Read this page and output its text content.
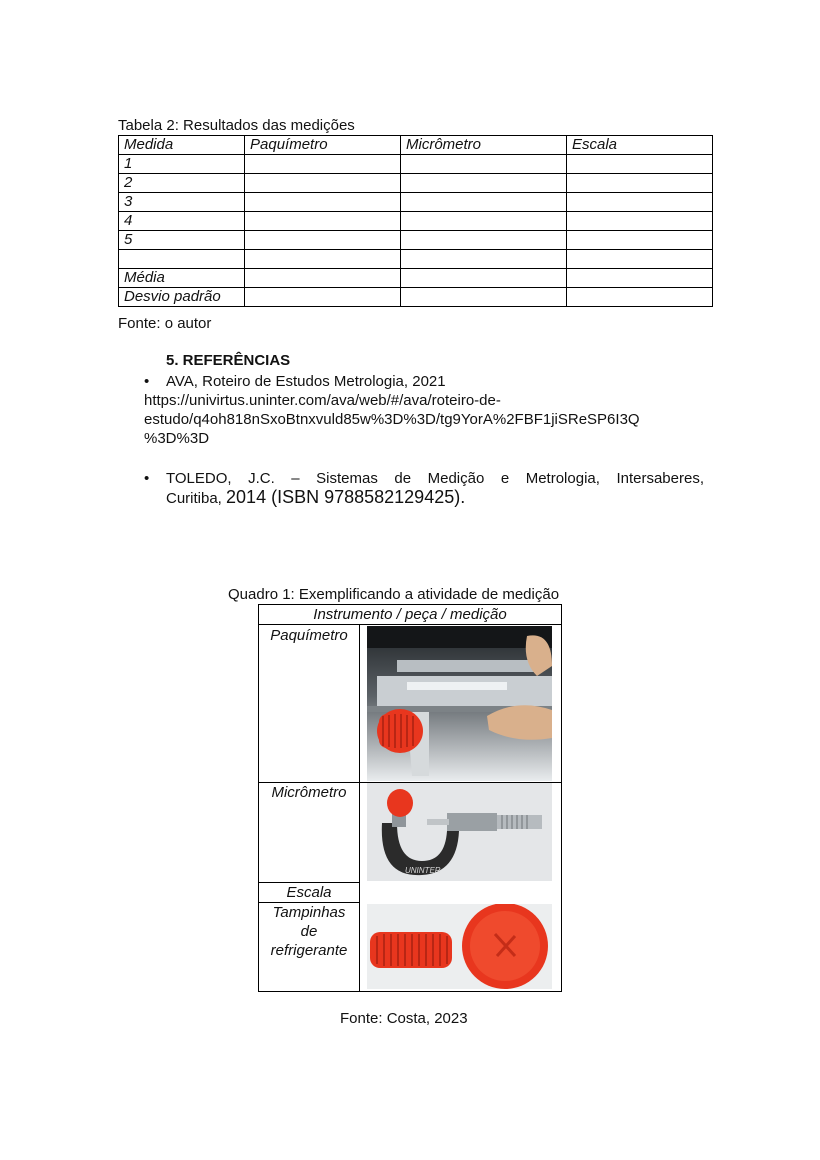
Tabela 2: Resultados das medições
Medida	Paquímetro	Micrômetro	Escala
1			
2			
3			
4			
5			

Média			
Desvio padrão			
Fonte: o autor
5. REFERÊNCIAS
• AVA, Roteiro de Estudos Metrologia, 2021
https://univirtus.uninter.com/ava/web/#/ava/roteiro-de-
estudo/q4oh818nSxoBtnxvuld85w%3D%3D/tg9YorA%2FBF1jiSReSP6I3Q
%3D%3D
•	TOLEDO, J.C. – Sistemas de Medição e Metrologia, Intersaberes,
Curitiba, 2014 (ISBN 9788582129425).
Quadro 1: Exemplificando a atividade de medição
Instrumento / peça / medição
Paquímetro
Micrômetro
Escala
Tampinhas
de
refrigerante
UNINTER
Fonte: Costa, 2023
